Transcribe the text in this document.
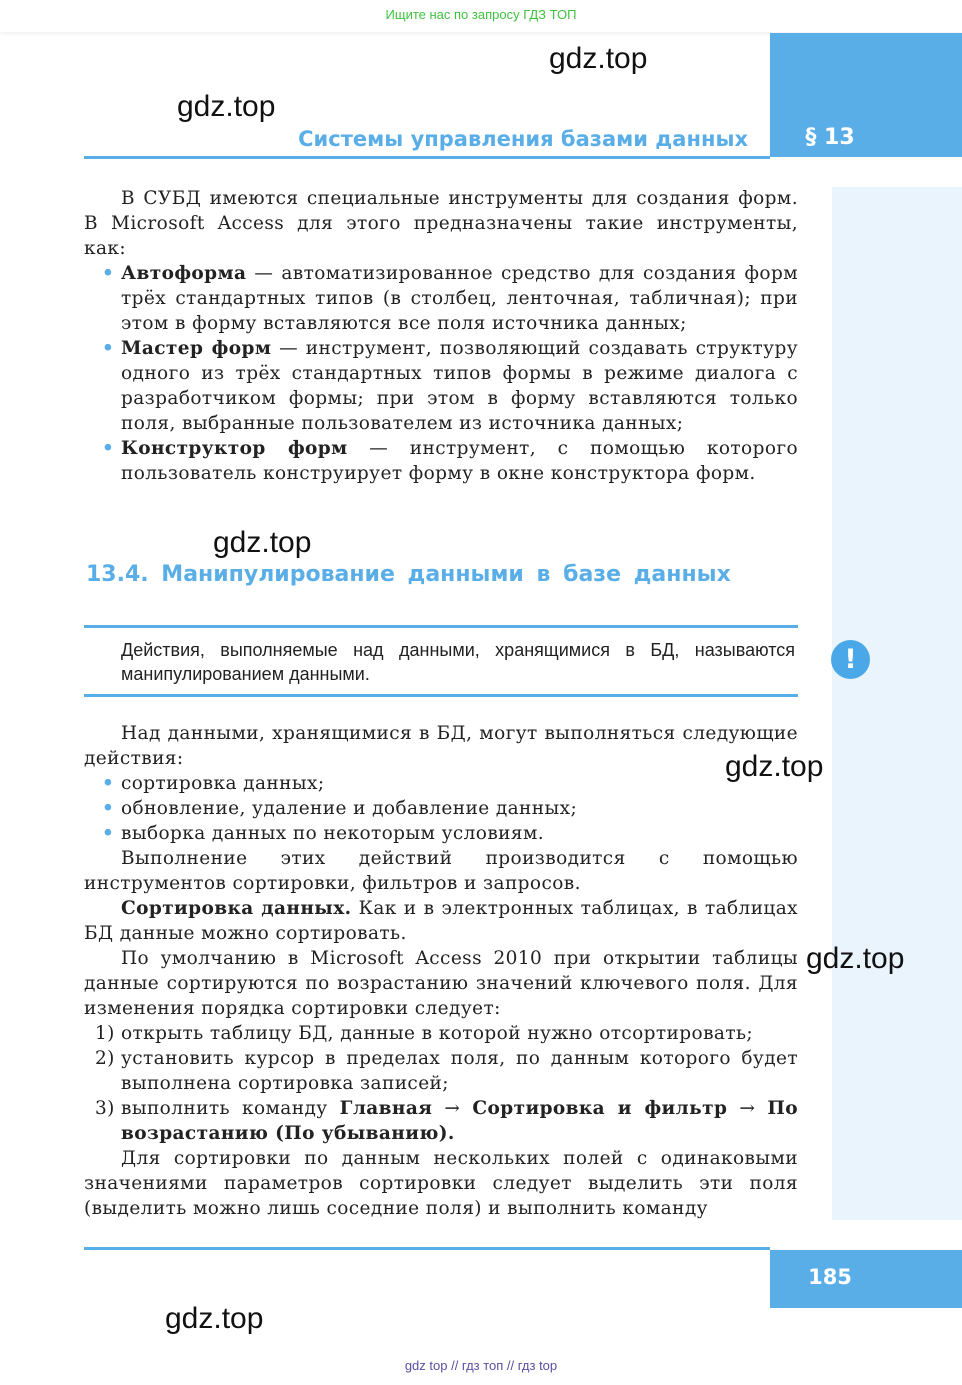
Ищите нас по запросу ГДЗ ТОП
§ 13
Системы управления базами данных

В СУБД имеются специальные инструменты для создания форм. В Microsoft Access для этого предназначены такие инструменты, как:

• Автоформа — автоматизированное средство для создания форм трёх стандартных типов (в столбец, ленточная, табличная); при этом в форму вставляются все поля источника данных;

• Мастер форм — инструмент, позволяющий создавать структуру одного из трёх стандартных типов формы в режиме диалога с разработчиком формы; при этом в форму вставляются только поля, выбранные пользователем из источника данных;

• Конструктор форм — инструмент, с помощью которого пользователь конструирует форму в окне конструктора форм.

13.4. Манипулирование данными в базе данных
Действия, выполняемые над данными, хранящимися в БД, называются манипулированием данными.	!

Над данными, хранящимися в БД, могут выполняться следующие действия:

• сортировка данных;

• обновление, удаление и добавление данных;

• выборка данных по некоторым условиям.

Выполнение этих действий производится с помощью инструментов сортировки, фильтров и запросов.

Сортировка данных. Как и в электронных таблицах, в таблицах БД данные можно сортировать.

По умолчанию в Microsoft Access 2010 при открытии таблицы данные сортируются по возрастанию значений ключевого поля. Для изменения порядка сортировки следует:

1) открыть таблицу БД, данные в которой нужно отсортировать;

2) установить курсор в пределах поля, по данным которого будет выполнена сортировка записей;

3) выполнить команду Главная → Сортировка и фильтр → По возрастанию (По убыванию).

Для сортировки по данным нескольких полей с одинаковыми значениями параметров сортировки следует выделить эти поля (выделить можно лишь соседние поля) и выполнить команду

185
gdz.top
gdz.top
gdz.top
gdz.top
gdz.top
gdz.top
gdz top // гдз топ // гдз top
